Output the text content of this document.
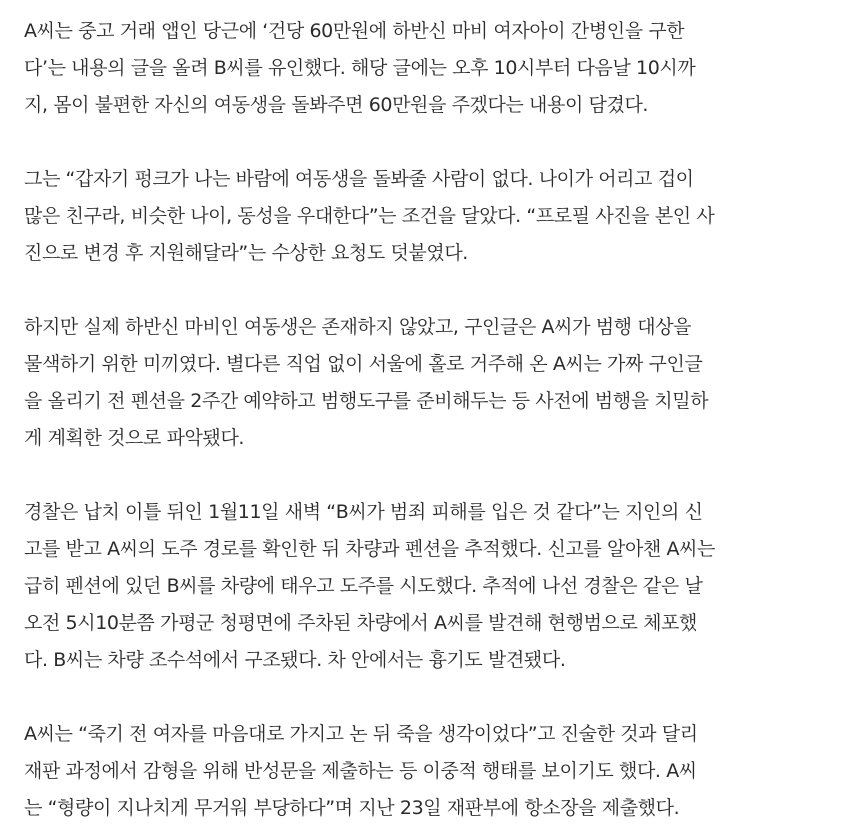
A씨는 중고 거래 앱인 당근에 ‘건당 60만원에 하반신 마비 여자아이 간병인을 구한
다’는 내용의 글을 올려 B씨를 유인했다. 해당 글에는 오후 10시부터 다음날 10시까
지, 몸이 불편한 자신의 여동생을 돌봐주면 60만원을 주겠다는 내용이 담겼다.
그는 “갑자기 펑크가 나는 바람에 여동생을 돌봐줄 사람이 없다. 나이가 어리고 겁이
많은 친구라, 비슷한 나이, 동성을 우대한다”는 조건을 달았다. “프로필 사진을 본인 사
진으로 변경 후 지원해달라”는 수상한 요청도 덧붙였다.
하지만 실제 하반신 마비인 여동생은 존재하지 않았고, 구인글은 A씨가 범행 대상을
물색하기 위한 미끼였다. 별다른 직업 없이 서울에 홀로 거주해 온 A씨는 가짜 구인글
을 올리기 전 펜션을 2주간 예약하고 범행도구를 준비해두는 등 사전에 범행을 치밀하
게 계획한 것으로 파악됐다.
경찰은 납치 이틀 뒤인 1월11일 새벽 “B씨가 범죄 피해를 입은 것 같다”는 지인의 신
고를 받고 A씨의 도주 경로를 확인한 뒤 차량과 펜션을 추적했다. 신고를 알아챈 A씨는
급히 펜션에 있던 B씨를 차량에 태우고 도주를 시도했다. 추적에 나선 경찰은 같은 날
오전 5시10분쯤 가평군 청평면에 주차된 차량에서 A씨를 발견해 현행범으로 체포했
다. B씨는 차량 조수석에서 구조됐다. 차 안에서는 흉기도 발견됐다.
A씨는 “죽기 전 여자를 마음대로 가지고 논 뒤 죽을 생각이었다”고 진술한 것과 달리
재판 과정에서 감형을 위해 반성문을 제출하는 등 이중적 행태를 보이기도 했다. A씨
는 “형량이 지나치게 무거워 부당하다”며 지난 23일 재판부에 항소장을 제출했다.
